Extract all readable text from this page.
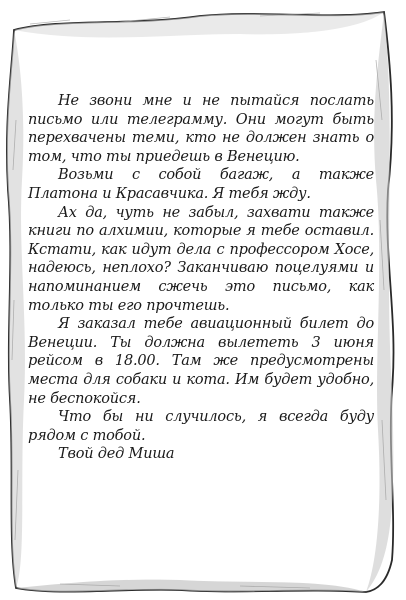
Не звони мне и не пытайся послать письмо или телеграмму. Они могут быть перехвачены теми, кто не должен знать о том, что ты приедешь в Венецию.

Возьми с собой багаж, а также Платона и Красавчика. Я тебя жду.

Ах да, чуть не забыл, захвати также книги по алхимии, которые я тебе оставил. Кстати, как идут дела с профессором Хосе, надеюсь, неплохо? Заканчиваю поцелуями и напоминанием сжечь это письмо, как только ты его прочтешь.

Я заказал тебе авиационный билет до Венеции. Ты должна вылететь 3 июня рейсом в 18.00. Там же предусмотрены места для собаки и кота. Им будет удобно, не беспокойся.

Что бы ни случилось, я всегда буду рядом с тобой.

Твой дед Миша
